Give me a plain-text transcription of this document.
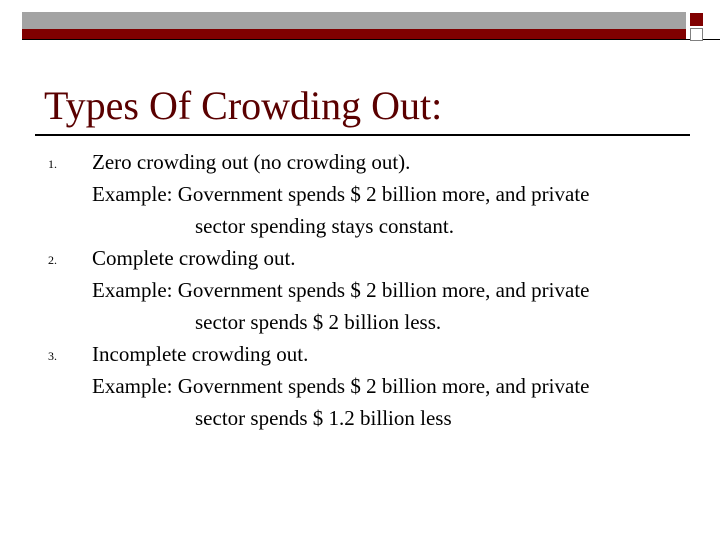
Types Of Crowding Out:
1.	Zero crowding out (no crowding out).
Example: Government spends $ 2 billion more, and private
sector spending stays constant.
2.	Complete crowding out.
Example: Government spends $ 2 billion more, and private
sector spends $ 2 billion less.
3.	Incomplete crowding out.
Example: Government spends $ 2 billion more, and private
sector spends $ 1.2 billion less
